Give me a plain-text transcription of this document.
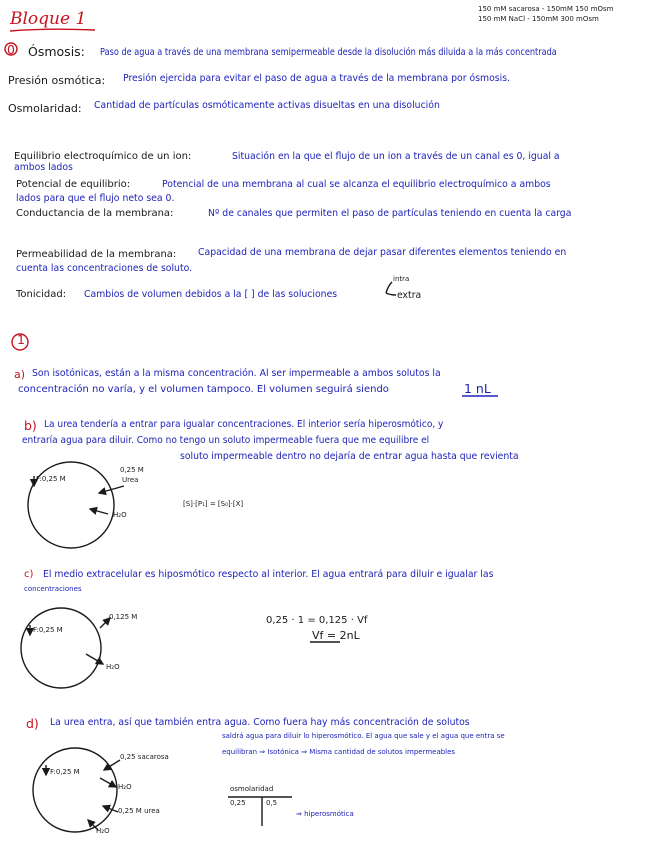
Bloque 1	150 mM sacarosa - 150mM 150 mOsm
150 mM NaCl - 150mM 300 mOsm
0 Ósmosis: Paso de agua a través de una membrana semipermeable desde la disolución más diluida a la más concentrada
Presión osmótica: Presión ejercida para evitar el paso de agua a través de la membrana por ósmosis.
Osmolaridad: Cantidad de partículas osmóticamente activas disueltas en una disolución
Equilibrio electroquímico de un ion:	Situación en la que el flujo de un ion a través de un canal es 0, igual a
ambos lados
Potencial de equilibrio:	Potencial de una membrana al cual se alcanza el equilibrio electroquímico a ambos
lados para que el flujo neto sea 0.
Conductancia de la membrana:	Nº de canales que permiten el paso de partículas teniendo en cuenta la carga
Permeabilidad de la membrana: Capacidad de una membrana de dejar pasar diferentes elementos teniendo en
cuenta las concentraciones de soluto.
intra
Tonicidad: Cambios de volumen debidos a la [ ] de las soluciones	extra
1
a) Son isotónicas, están a la misma concentración. Al ser impermeable a ambos solutos la
concentración no varía, y el volumen tampoco. El volumen seguirá siendo	1 nL
b) La urea tendería a entrar para igualar concentraciones. El interior sería hiperosmótico, y
entraría agua para diluir. Como no tengo un soluto impermeable fuera que me equilibre el
soluto impermeable dentro no dejaría de entrar agua hasta que revienta
F:0,25 M
0,25 M
Urea
H₂O
[S]·[P₁] = [S₀]·[X]
c) El medio extracelular es hiposmótico respecto al interior. El agua entrará para diluir e igualar las
concentraciones
F:0,25 M
0,125 M
H₂O
0,25 · 1 = 0,125 · Vf
Vf = 2nL
d) La urea entra, así que también entra agua. Como fuera hay más concentración de solutos
saldrá agua para diluir lo hiperosmótico. El agua que sale y el agua que entra se
equilibran ⇒ Isotónica ⇒ Misma cantidad de solutos impermeables
F:0,25 M
0,25 sacarosa
H₂O
0,25 M urea
H₂O
osmolaridad
0,25	0,5
⇒ hiperosmótica
